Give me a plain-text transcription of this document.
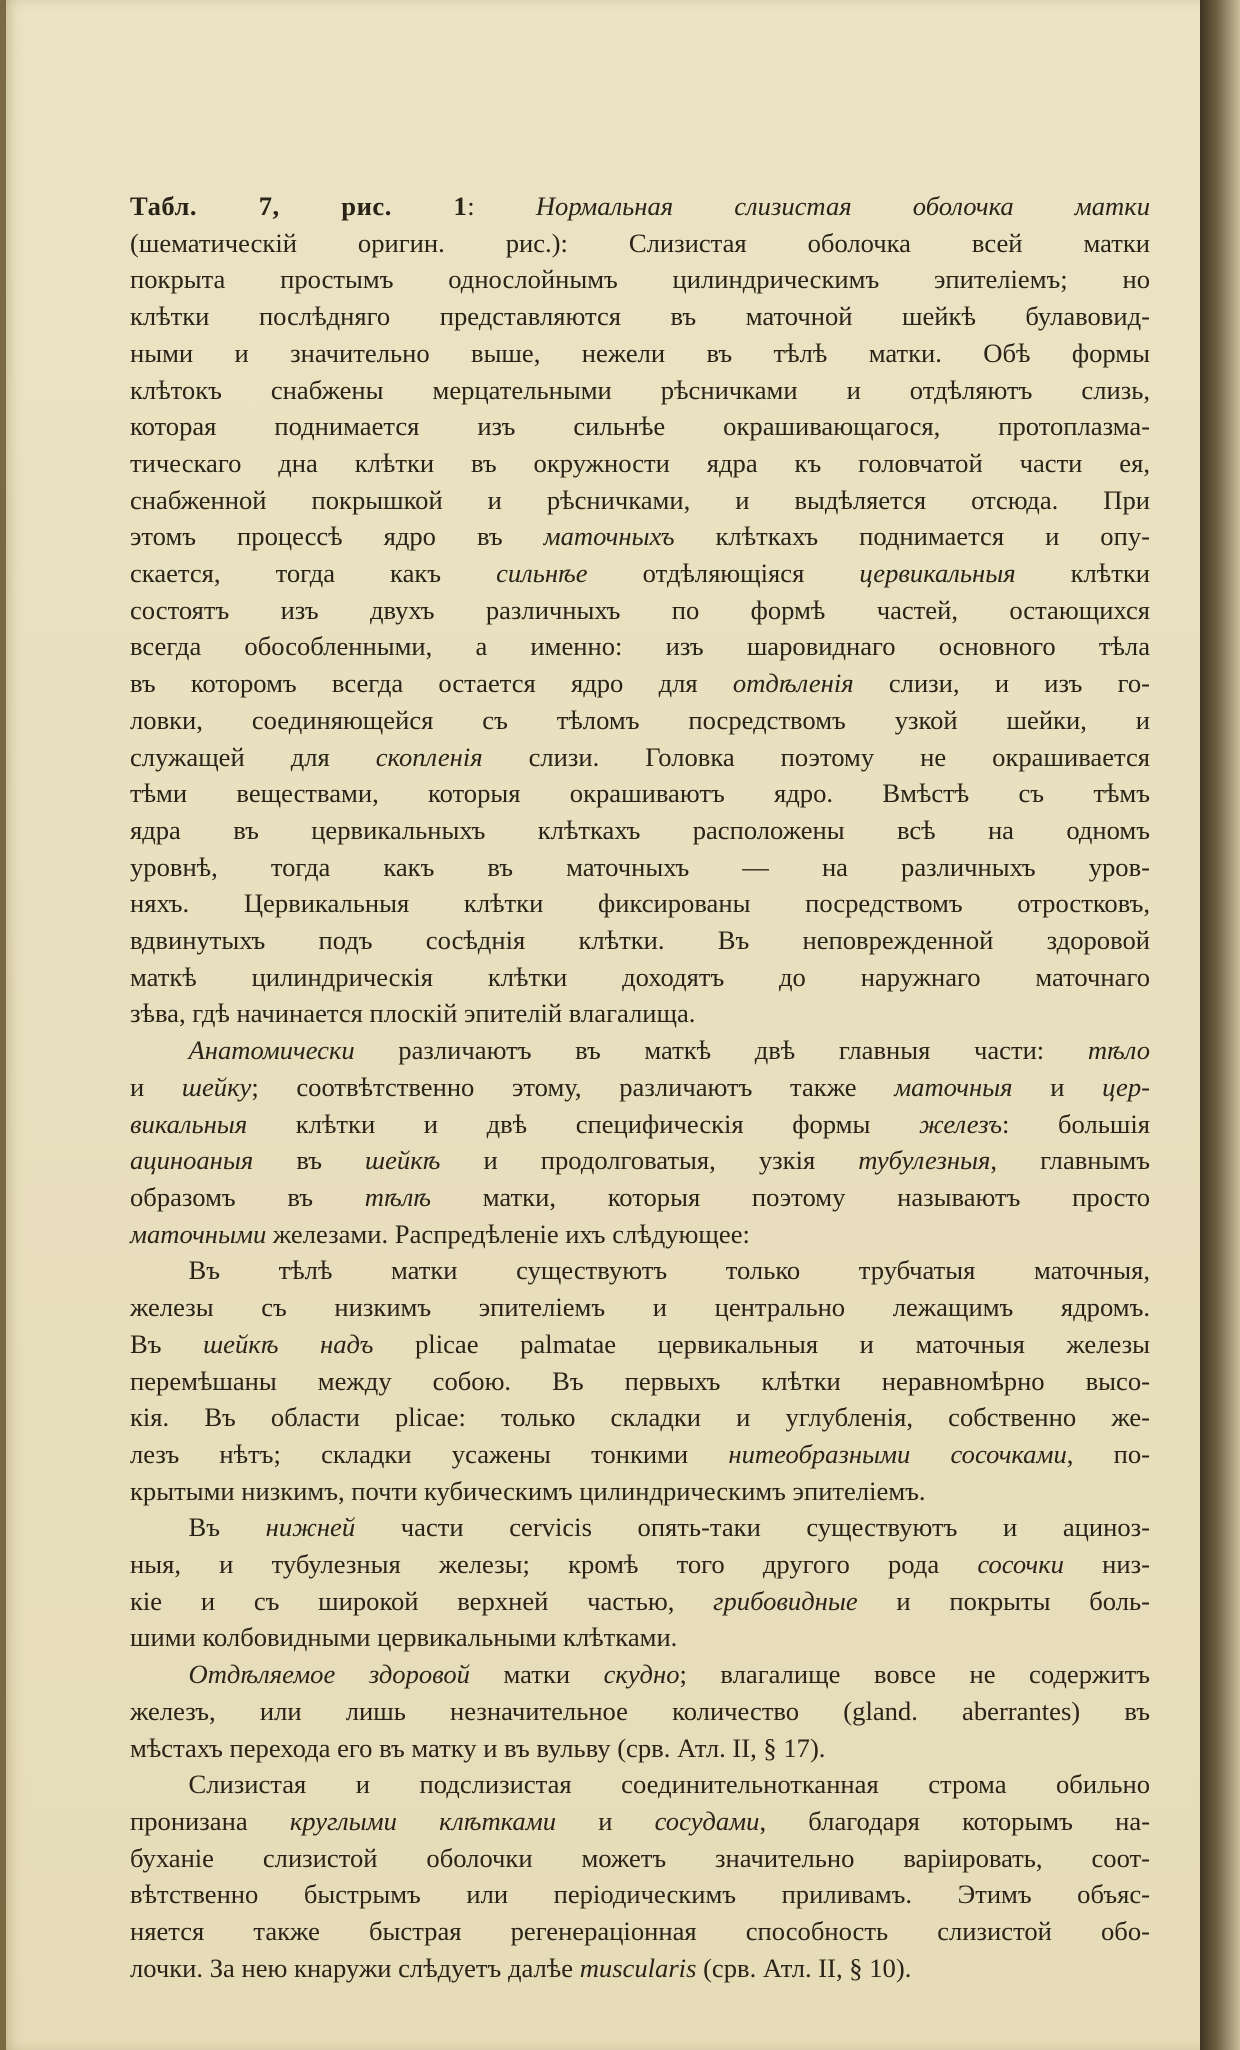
Табл. 7, рис. 1: Нормальная слизистая оболочка матки
(шематическій оригин. рис.): Слизистая оболочка всей матки
покрыта простымъ однослойнымъ цилиндрическимъ эпителіемъ; но
клѣтки послѣдняго представляются въ маточной шейкѣ булавовид-
ными и значительно выше, нежели въ тѣлѣ матки. Обѣ формы
клѣтокъ снабжены мерцательными рѣсничками и отдѣляютъ слизь,
которая поднимается изъ сильнѣе окрашивающагося, протоплазма-
тическаго дна клѣтки въ окружности ядра къ головчатой части ея,
снабженной покрышкой и рѣсничками, и выдѣляется отсюда. При
этомъ процессѣ ядро въ маточныхъ клѣткахъ поднимается и опу-
скается, тогда какъ сильнѣе отдѣляющіяся цервикальныя клѣтки
состоятъ изъ двухъ различныхъ по формѣ частей, остающихся
всегда обособленными, а именно: изъ шаровиднаго основного тѣла
въ которомъ всегда остается ядро для отдѣленія слизи, и изъ го-
ловки, соединяющейся съ тѣломъ посредствомъ узкой шейки, и
служащей для скопленія слизи. Головка поэтому не окрашивается
тѣми веществами, которыя окрашиваютъ ядро. Вмѣстѣ съ тѣмъ
ядра въ цервикальныхъ клѣткахъ расположены всѣ на одномъ
уровнѣ, тогда какъ въ маточныхъ — на различныхъ уров-
няхъ. Цервикальныя клѣтки фиксированы посредствомъ отростковъ,
вдвинутыхъ подъ сосѣднія клѣтки. Въ неповрежденной здоровой
маткѣ цилиндрическія клѣтки доходятъ до наружнаго маточнаго
зѣва, гдѣ начинается плоскій эпителій влагалища.
Анатомически различаютъ въ маткѣ двѣ главныя части: тѣло
и шейку; соотвѣтственно этому, различаютъ также маточныя и цер-
викальныя клѣтки и двѣ специфическія формы железъ: большія
ациноаныя въ шейкѣ и продолговатыя, узкія тубулезныя, главнымъ
образомъ въ тѣлѣ матки, которыя поэтому называютъ просто
маточными железами. Распредѣленіе ихъ слѣдующее:
Въ тѣлѣ матки существуютъ только трубчатыя маточныя,
железы съ низкимъ эпителіемъ и центрально лежащимъ ядромъ.
Въ шейкѣ надъ plicae palmatae цервикальныя и маточныя железы
перемѣшаны между собою. Въ первыхъ клѣтки неравномѣрно высо-
кія. Въ области plicae: только складки и углубленія, собственно же-
лезъ нѣтъ; складки усажены тонкими нитеобразными сосочками, по-
крытыми низкимъ, почти кубическимъ цилиндрическимъ эпителіемъ.
Въ нижней части cervicis опять-таки существуютъ и ациноз-
ныя, и тубулезныя железы; кромѣ того другого рода сосочки низ-
кіе и съ широкой верхней частью, грибовидные и покрыты боль-
шими колбовидными цервикальными клѣтками.
Отдѣляемое здоровой матки скудно; влагалище вовсе не содержитъ
железъ, или лишь незначительное количество (gland. aberrantes) въ
мѣстахъ перехода его въ матку и въ вульву (срв. Атл. II, § 17).
Слизистая и подслизистая соединительнотканная строма обильно
пронизана круглыми клѣтками и сосудами, благодаря которымъ на-
буханіе слизистой оболочки можетъ значительно варіировать, соот-
вѣтственно быстрымъ или періодическимъ приливамъ. Этимъ объяс-
няется также быстрая регенераціонная способность слизистой обо-
лочки. За нею кнаружи слѣдуетъ далѣе muscularis (срв. Атл. II, § 10).
